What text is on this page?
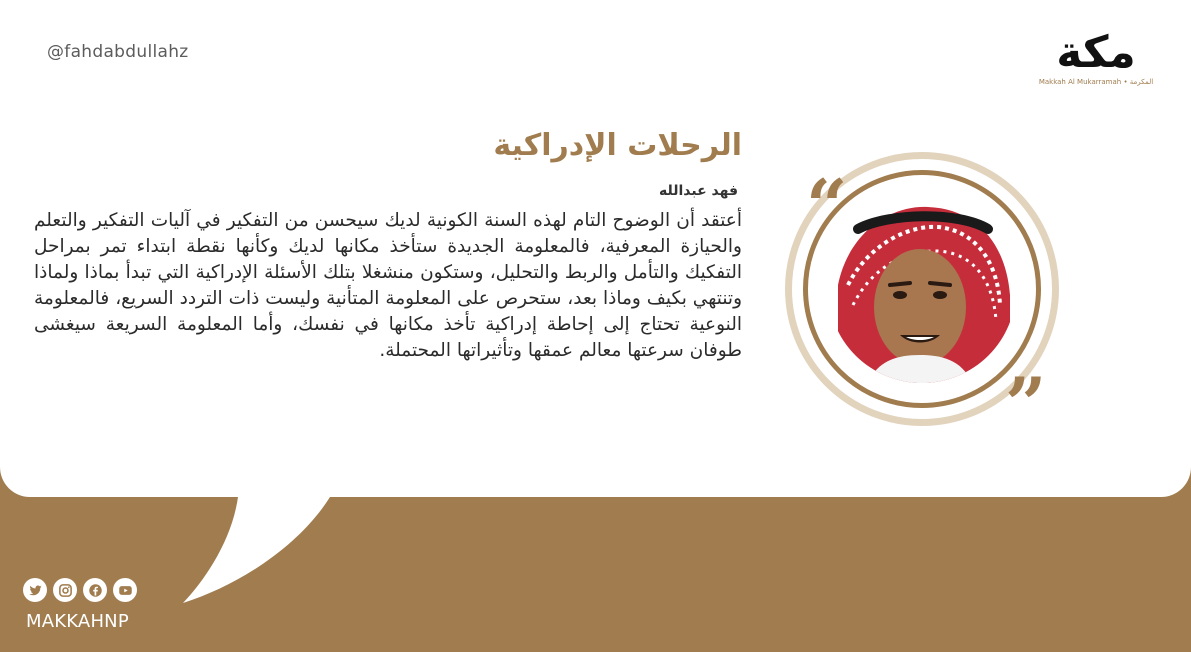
@fahdabdullahz	مكة
Makkah Al Mukarramah • المكرمة
الرحلات الإدراكية
فهد عبدالله

أعتقد أن الوضوح التام لهذه السنة الكونية لديك سيحسن من التفكير في آليات التفكير والتعلم والحيازة المعرفية، فالمعلومة الجديدة ستأخذ مكانها لديك وكأنها نقطة ابتداء تمر بمراحل التفكيك والتأمل والربط والتحليل، وستكون منشغلا بتلك الأسئلة الإدراكية التي تبدأ بماذا ولماذا وتنتهي بكيف وماذا بعد، ستحرص على المعلومة المتأنية وليست ذات التردد السريع، فالمعلومة النوعية تحتاج إلى إحاطة إدراكية تأخذ مكانها في نفسك، وأما المعلومة السريعة سيغشى طوفان سرعتها معالم عمقها وتأثيراتها المحتملة.

“
”
MAKKAHNP
